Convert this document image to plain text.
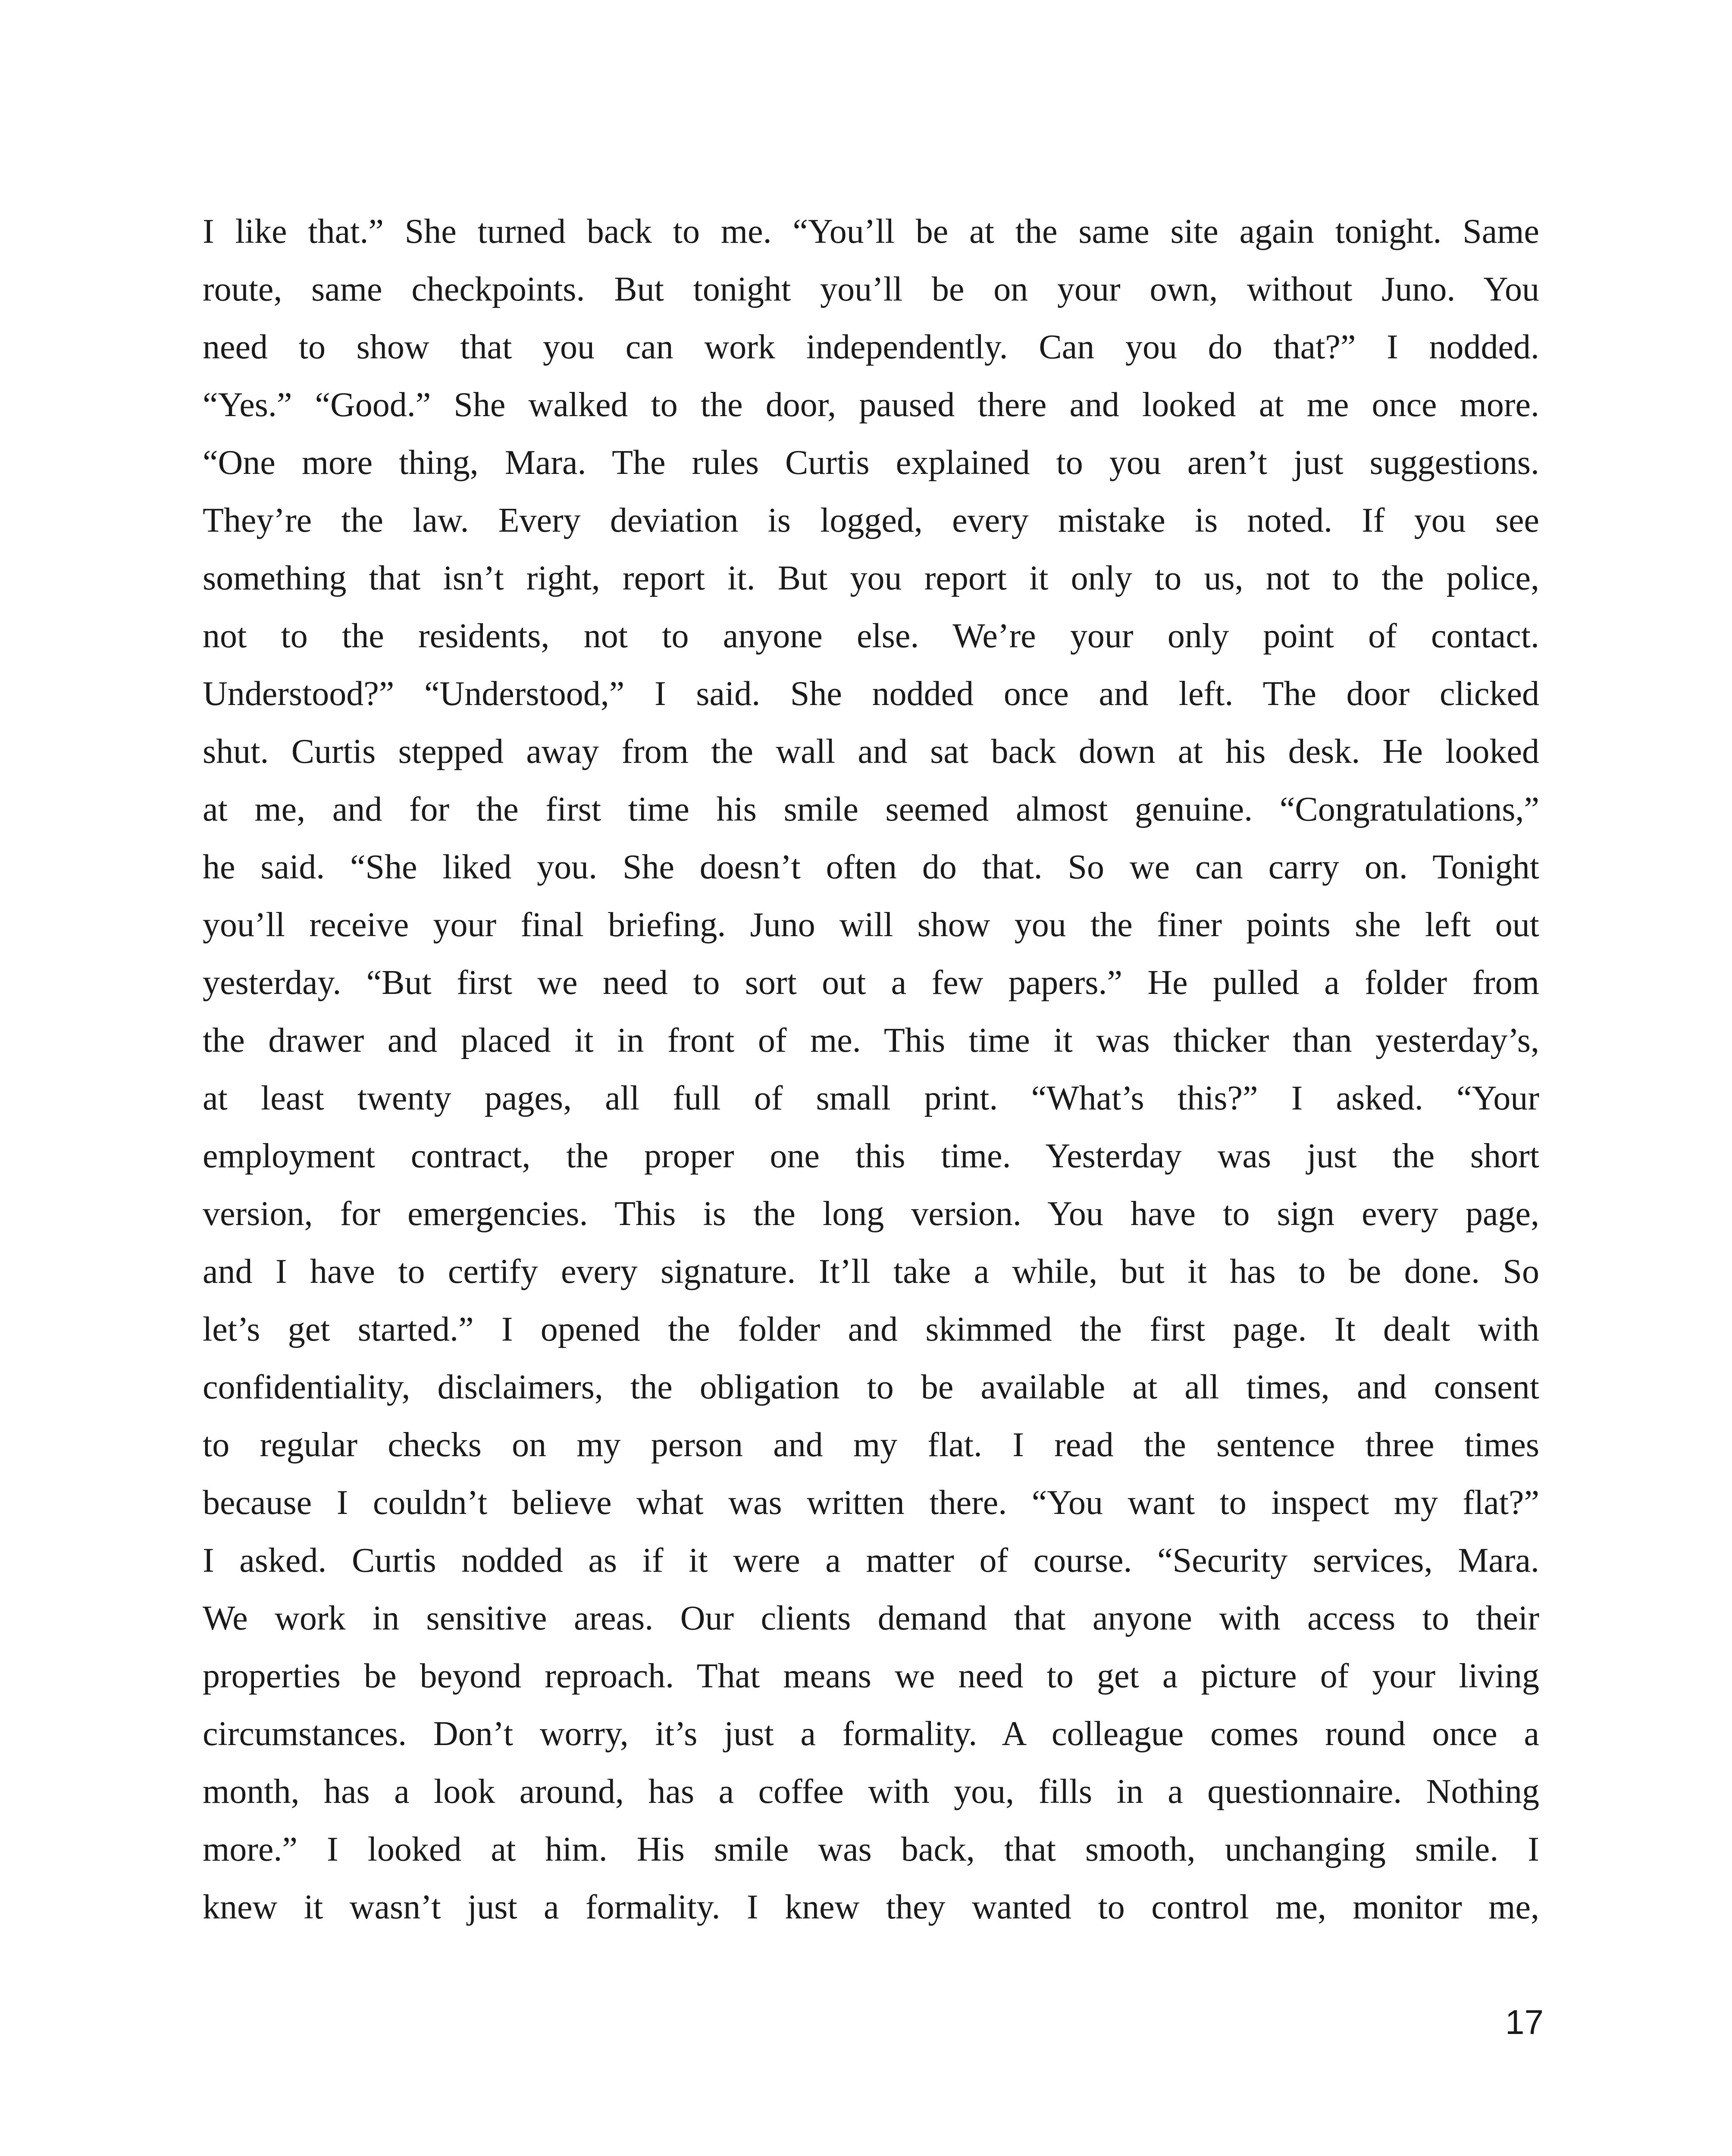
I like that.” She turned back to me. “You’ll be at the same site again tonight. Same
route, same checkpoints. But tonight you’ll be on your own, without Juno. You
need to show that you can work independently. Can you do that?” I nodded.
“Yes.” “Good.” She walked to the door, paused there and looked at me once more.
“One more thing, Mara. The rules Curtis explained to you aren’t just suggestions.
They’re the law. Every deviation is logged, every mistake is noted. If you see
something that isn’t right, report it. But you report it only to us, not to the police,
not to the residents, not to anyone else. We’re your only point of contact.
Understood?” “Understood,” I said. She nodded once and left. The door clicked
shut. Curtis stepped away from the wall and sat back down at his desk. He looked
at me, and for the first time his smile seemed almost genuine. “Congratulations,”
he said. “She liked you. She doesn’t often do that. So we can carry on. Tonight
you’ll receive your final briefing. Juno will show you the finer points she left out
yesterday. “But first we need to sort out a few papers.” He pulled a folder from
the drawer and placed it in front of me. This time it was thicker than yesterday’s,
at least twenty pages, all full of small print. “What’s this?” I asked. “Your
employment contract, the proper one this time. Yesterday was just the short
version, for emergencies. This is the long version. You have to sign every page,
and I have to certify every signature. It’ll take a while, but it has to be done. So
let’s get started.” I opened the folder and skimmed the first page. It dealt with
confidentiality, disclaimers, the obligation to be available at all times, and consent
to regular checks on my person and my flat. I read the sentence three times
because I couldn’t believe what was written there. “You want to inspect my flat?”
I asked. Curtis nodded as if it were a matter of course. “Security services, Mara.
We work in sensitive areas. Our clients demand that anyone with access to their
properties be beyond reproach. That means we need to get a picture of your living
circumstances. Don’t worry, it’s just a formality. A colleague comes round once a
month, has a look around, has a coffee with you, fills in a questionnaire. Nothing
more.” I looked at him. His smile was back, that smooth, unchanging smile. I
knew it wasn’t just a formality. I knew they wanted to control me, monitor me,
17
